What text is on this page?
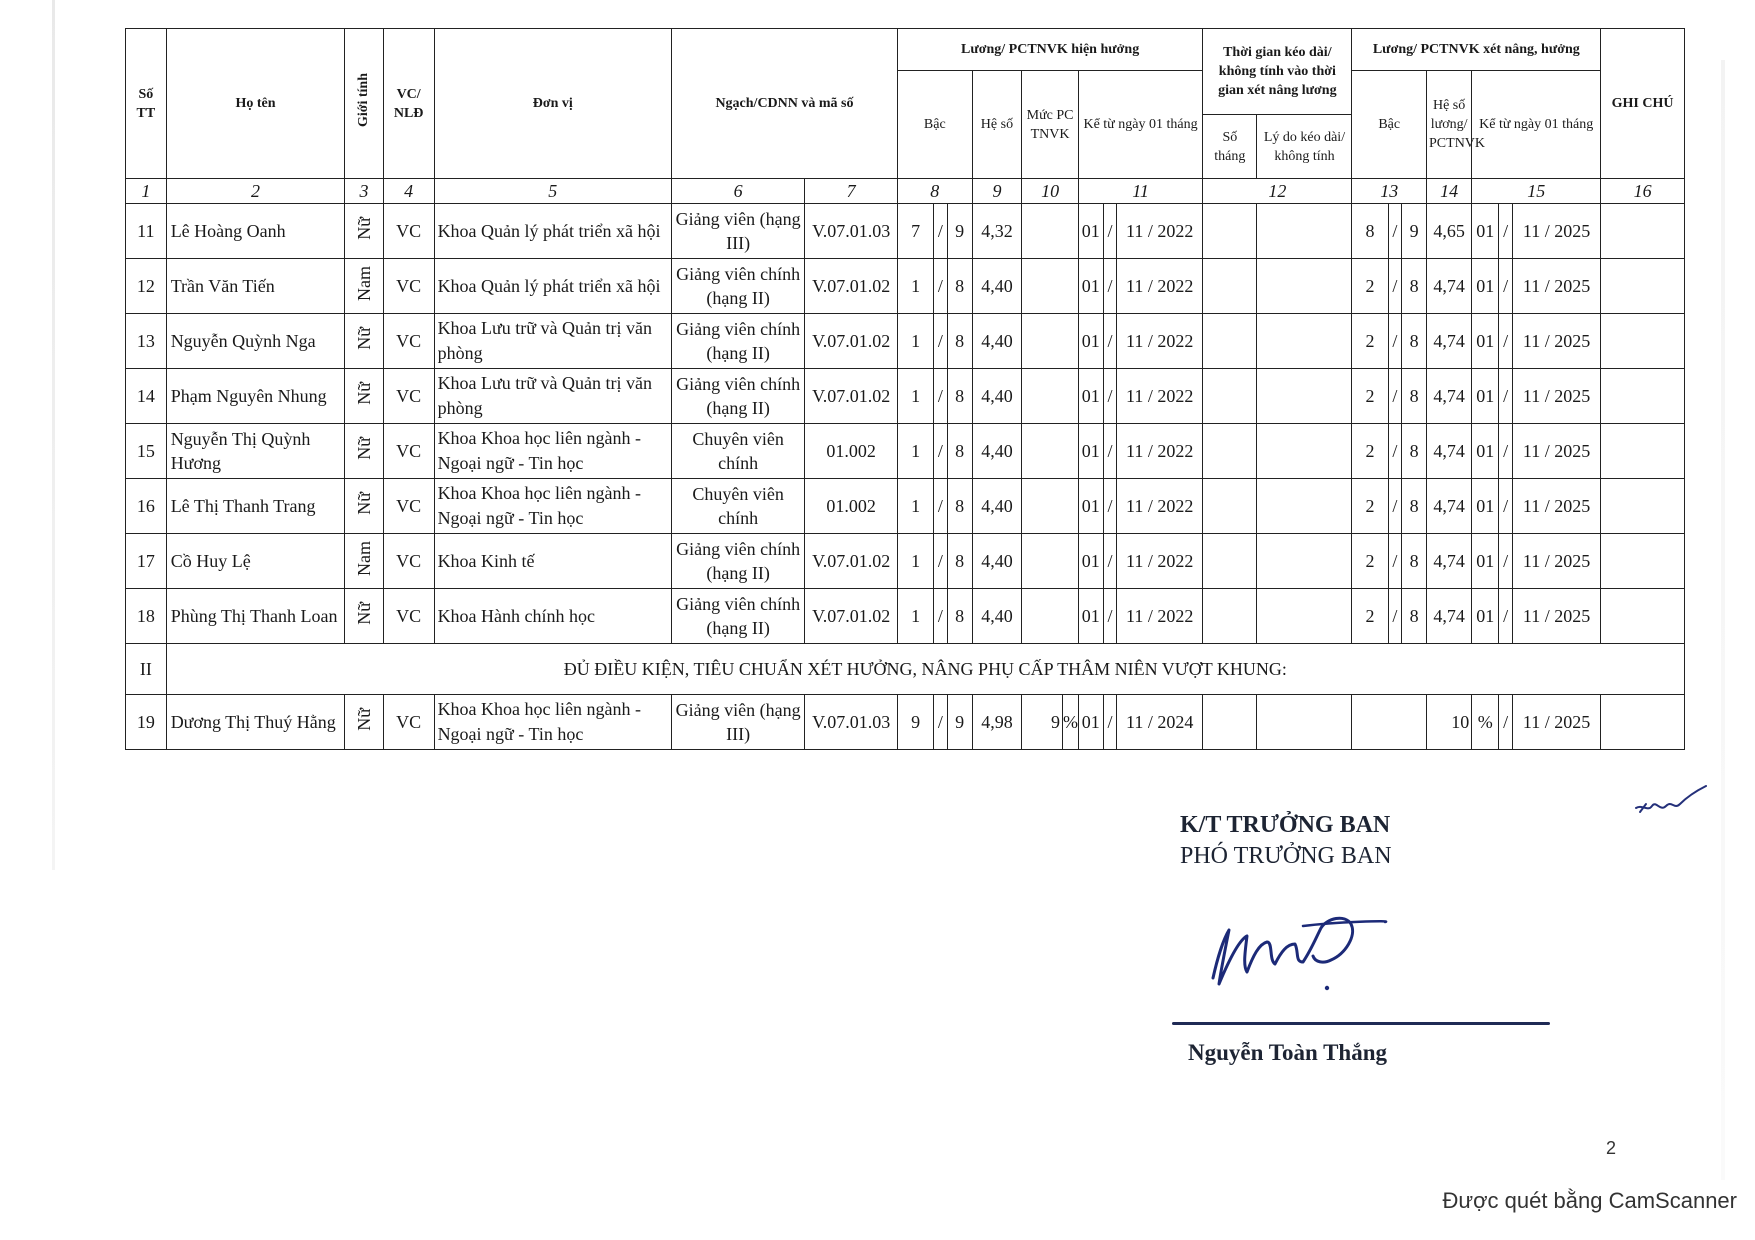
Số TT	Họ tên	Giới tính	VC/ NLĐ	Đơn vị	Ngạch/CDNN và mã số		Lương/ PCTNVK hiện hưởng									Thời gian kéo dài/ không tính vào thời gian xét nâng lương		Lương/ PCTNVK xét nâng, hưởng							GHI CHÚ
							Bậc			Hệ số	Mức PC TNVK		Kể từ ngày 01 tháng					Bậc			Hệ số lương/ PCTNVK	Kể từ ngày 01 tháng			
																Số tháng	Lý do kéo dài/ không tính								
1	2	3	4	5	6	7	8			9	10		11			12		13			14	15			16
11	Lê Hoàng Oanh	Nữ	VC	Khoa Quản lý phát triển xã hội	Giảng viên (hạng III)	V.07.01.03	7	/	9	4,32			01	/	11 / 2022			8	/	9	4,65	01	/	11 / 2025	
12	Trần Văn Tiến	Nam	VC	Khoa Quản lý phát triển xã hội	Giảng viên chính (hạng II)	V.07.01.02	1	/	8	4,40			01	/	11 / 2022			2	/	8	4,74	01	/	11 / 2025	
13	Nguyễn Quỳnh Nga	Nữ	VC	Khoa Lưu trữ và Quản trị văn phòng	Giảng viên chính (hạng II)	V.07.01.02	1	/	8	4,40			01	/	11 / 2022			2	/	8	4,74	01	/	11 / 2025	
14	Phạm Nguyên Nhung	Nữ	VC	Khoa Lưu trữ và Quản trị văn phòng	Giảng viên chính (hạng II)	V.07.01.02	1	/	8	4,40			01	/	11 / 2022			2	/	8	4,74	01	/	11 / 2025	
15	Nguyễn Thị Quỳnh Hương	Nữ	VC	Khoa Khoa học liên ngành - Ngoại ngữ - Tin học	Chuyên viên chính	01.002	1	/	8	4,40			01	/	11 / 2022			2	/	8	4,74	01	/	11 / 2025	
16	Lê Thị Thanh Trang	Nữ	VC	Khoa Khoa học liên ngành - Ngoại ngữ - Tin học	Chuyên viên chính	01.002	1	/	8	4,40			01	/	11 / 2022			2	/	8	4,74	01	/	11 / 2025	
17	Cồ Huy Lệ	Nam	VC	Khoa Kinh tế	Giảng viên chính (hạng II)	V.07.01.02	1	/	8	4,40			01	/	11 / 2022			2	/	8	4,74	01	/	11 / 2025	
18	Phùng Thị Thanh Loan	Nữ	VC	Khoa Hành chính học	Giảng viên chính (hạng II)	V.07.01.02	1	/	8	4,40			01	/	11 / 2022			2	/	8	4,74	01	/	11 / 2025	
II	ĐỦ ĐIỀU KIỆN, TIÊU CHUẨN XÉT HƯỞNG, NÂNG PHỤ CẤP THÂM NIÊN VƯỢT KHUNG:																								
19	Dương Thị Thuý Hằng	Nữ	VC	Khoa Khoa học liên ngành - Ngoại ngữ - Tin học	Giảng viên (hạng III)	V.07.01.03	9	/	9	4,98	9	%	01	/	11 / 2024						10	%	/	11 / 2025	
K/T TRƯỞNG BAN
PHÓ TRƯỞNG BAN
Nguyễn Toàn Thắng
2
Được quét bằng CamScanner
